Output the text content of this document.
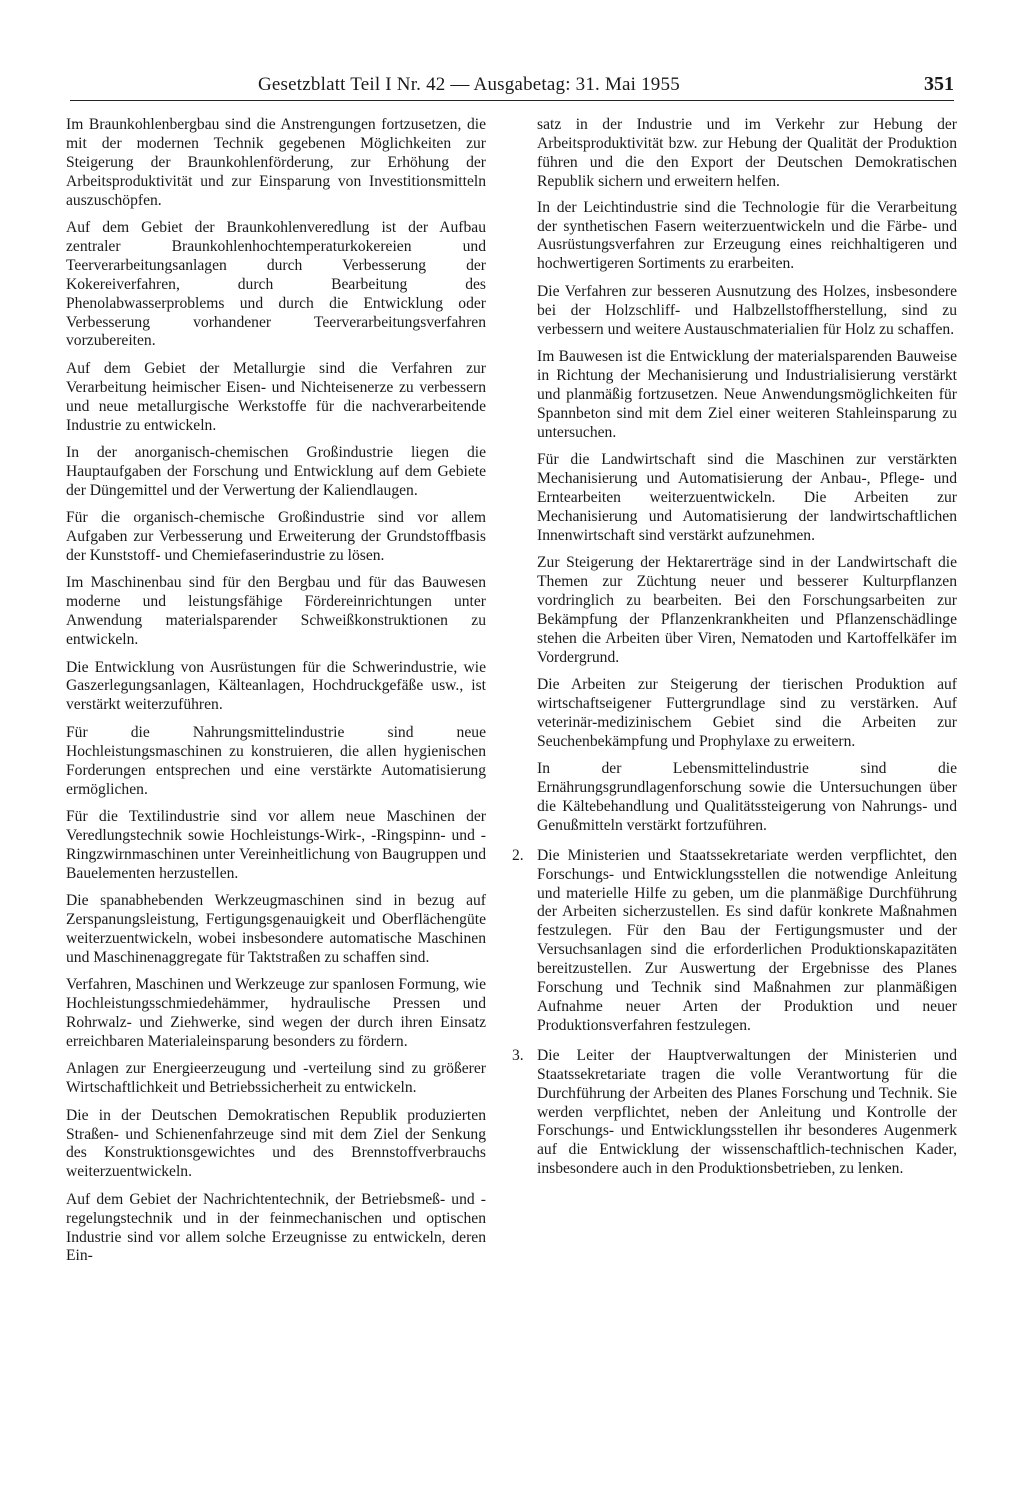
Gesetzblatt Teil I Nr. 42 — Ausgabetag: 31. Mai 1955	351

Im Braunkohlenbergbau sind die Anstrengungen fortzusetzen, die mit der modernen Technik gegebenen Möglichkeiten zur Steigerung der Braunkohlenförderung, zur Erhöhung der Arbeitsproduktivität und zur Einsparung von Investitionsmitteln auszuschöpfen.

Auf dem Gebiet der Braunkohlenveredlung ist der Aufbau zentraler Braunkohlenhochtemperaturkokereien und Teerverarbeitungsanlagen durch Verbesserung der Kokereiverfahren, durch Bearbeitung des Phenolabwasserproblems und durch die Entwicklung oder Verbesserung vorhandener Teerverarbeitungsverfahren vorzubereiten.

Auf dem Gebiet der Metallurgie sind die Verfahren zur Verarbeitung heimischer Eisen- und Nichteisenerze zu verbessern und neue metallurgische Werkstoffe für die nachverarbeitende Industrie zu entwickeln.

In der anorganisch-chemischen Großindustrie liegen die Hauptaufgaben der Forschung und Entwicklung auf dem Gebiete der Düngemittel und der Verwertung der Kaliendlaugen.

Für die organisch-chemische Großindustrie sind vor allem Aufgaben zur Verbesserung und Erweiterung der Grundstoffbasis der Kunststoff- und Chemiefaserindustrie zu lösen.

Im Maschinenbau sind für den Bergbau und für das Bauwesen moderne und leistungsfähige Fördereinrichtungen unter Anwendung materialsparender Schweißkonstruktionen zu entwickeln.

Die Entwicklung von Ausrüstungen für die Schwerindustrie, wie Gaszerlegungsanlagen, Kälteanlagen, Hochdruckgefäße usw., ist verstärkt weiterzuführen.

Für die Nahrungsmittelindustrie sind neue Hochleistungsmaschinen zu konstruieren, die allen hygienischen Forderungen entsprechen und eine verstärkte Automatisierung ermöglichen.

Für die Textilindustrie sind vor allem neue Maschinen der Veredlungstechnik sowie Hochleistungs-Wirk-, -Ringspinn- und -Ringzwirnmaschinen unter Vereinheitlichung von Baugruppen und Bauelementen herzustellen.

Die spanabhebenden Werkzeugmaschinen sind in bezug auf Zerspanungsleistung, Fertigungsgenauigkeit und Oberflächengüte weiterzuentwickeln, wobei insbesondere automatische Maschinen und Maschinenaggregate für Taktstraßen zu schaffen sind.

Verfahren, Maschinen und Werkzeuge zur spanlosen Formung, wie Hochleistungsschmiedehämmer, hydraulische Pressen und Rohrwalz- und Ziehwerke, sind wegen der durch ihren Einsatz erreichbaren Materialeinsparung besonders zu fördern.

Anlagen zur Energieerzeugung und -verteilung sind zu größerer Wirtschaftlichkeit und Betriebssicherheit zu entwickeln.

Die in der Deutschen Demokratischen Republik produzierten Straßen- und Schienenfahrzeuge sind mit dem Ziel der Senkung des Konstruktionsgewichtes und des Brennstoffverbrauchs weiterzuentwickeln.

Auf dem Gebiet der Nachrichtentechnik, der Betriebsmeß- und -regelungstechnik und in der feinmechanischen und optischen Industrie sind vor allem solche Erzeugnisse zu entwickeln, deren Ein-

satz in der Industrie und im Verkehr zur Hebung der Arbeitsproduktivität bzw. zur Hebung der Qualität der Produktion führen und die den Export der Deutschen Demokratischen Republik sichern und erweitern helfen.

In der Leichtindustrie sind die Technologie für die Verarbeitung der synthetischen Fasern weiterzuentwickeln und die Färbe- und Ausrüstungsverfahren zur Erzeugung eines reichhaltigeren und hochwertigeren Sortiments zu erarbeiten.

Die Verfahren zur besseren Ausnutzung des Holzes, insbesondere bei der Holzschliff- und Halbzellstoffherstellung, sind zu verbessern und weitere Austauschmaterialien für Holz zu schaffen.

Im Bauwesen ist die Entwicklung der materialsparenden Bauweise in Richtung der Mechanisierung und Industrialisierung verstärkt und planmäßig fortzusetzen. Neue Anwendungsmöglichkeiten für Spannbeton sind mit dem Ziel einer weiteren Stahleinsparung zu untersuchen.

Für die Landwirtschaft sind die Maschinen zur verstärkten Mechanisierung und Automatisierung der Anbau-, Pflege- und Erntearbeiten weiterzuentwickeln. Die Arbeiten zur Mechanisierung und Automatisierung der landwirtschaftlichen Innenwirtschaft sind verstärkt aufzunehmen.

Zur Steigerung der Hektarerträge sind in der Landwirtschaft die Themen zur Züchtung neuer und besserer Kulturpflanzen vordringlich zu bearbeiten. Bei den Forschungsarbeiten zur Bekämpfung der Pflanzenkrankheiten und Pflanzenschädlinge stehen die Arbeiten über Viren, Nematoden und Kartoffelkäfer im Vordergrund.

Die Arbeiten zur Steigerung der tierischen Produktion auf wirtschaftseigener Futtergrundlage sind zu verstärken. Auf veterinär-medizinischem Gebiet sind die Arbeiten zur Seuchenbekämpfung und Prophylaxe zu erweitern.

In der Lebensmittelindustrie sind die Ernährungsgrundlagenforschung sowie die Untersuchungen über die Kältebehandlung und Qualitätssteigerung von Nahrungs- und Genußmitteln verstärkt fortzuführen.

2. Die Ministerien und Staatssekretariate werden verpflichtet, den Forschungs- und Entwicklungsstellen die notwendige Anleitung und materielle Hilfe zu geben, um die planmäßige Durchführung der Arbeiten sicherzustellen. Es sind dafür konkrete Maßnahmen festzulegen. Für den Bau der Fertigungsmuster und der Versuchsanlagen sind die erforderlichen Produktionskapazitäten bereitzustellen. Zur Auswertung der Ergebnisse des Planes Forschung und Technik sind Maßnahmen zur planmäßigen Aufnahme neuer Arten der Produktion und neuer Produktionsverfahren festzulegen.

3. Die Leiter der Hauptverwaltungen der Ministerien und Staatssekretariate tragen die volle Verantwortung für die Durchführung der Arbeiten des Planes Forschung und Technik. Sie werden verpflichtet, neben der Anleitung und Kontrolle der Forschungs- und Entwicklungsstellen ihr besonderes Augenmerk auf die Entwicklung der wissenschaftlich-technischen Kader, insbesondere auch in den Produktionsbetrieben, zu lenken.
